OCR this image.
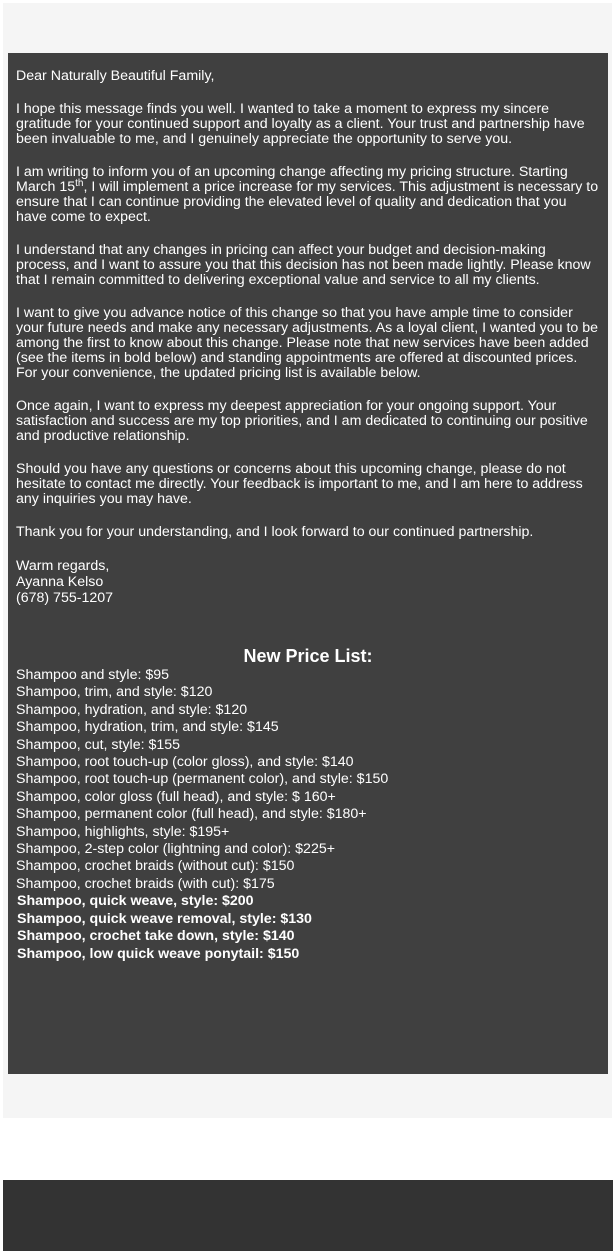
Dear Naturally Beautiful Family,

I hope this message finds you well. I wanted to take a moment to express my sincere gratitude for your continued support and loyalty as a client. Your trust and partnership have been invaluable to me, and I genuinely appreciate the opportunity to serve you.

I am writing to inform you of an upcoming change affecting my pricing structure. Starting March 15th, I will implement a price increase for my services. This adjustment is necessary to ensure that I can continue providing the elevated level of quality and dedication that you have come to expect.

I understand that any changes in pricing can affect your budget and decision-making process, and I want to assure you that this decision has not been made lightly. Please know that I remain committed to delivering exceptional value and service to all my clients.

I want to give you advance notice of this change so that you have ample time to consider your future needs and make any necessary adjustments. As a loyal client, I wanted you to be among the first to know about this change. Please note that new services have been added (see the items in bold below) and standing appointments are offered at discounted prices. For your convenience, the updated pricing list is available below.

Once again, I want to express my deepest appreciation for your ongoing support. Your satisfaction and success are my top priorities, and I am dedicated to continuing our positive and productive relationship.

Should you have any questions or concerns about this upcoming change, please do not hesitate to contact me directly. Your feedback is important to me, and I am here to address any inquiries you may have.

Thank you for your understanding, and I look forward to our continued partnership.

Warm regards,
Ayanna Kelso
(678) 755-1207
New Price List:
Shampoo and style: $95
Shampoo, trim, and style: $120
Shampoo, hydration, and style: $120
Shampoo, hydration, trim, and style: $145
Shampoo, cut, style: $155
Shampoo, root touch-up (color gloss), and style: $140
Shampoo, root touch-up (permanent color), and style: $150
Shampoo, color gloss (full head), and style: $ 160+
Shampoo, permanent color (full head), and style: $180+
Shampoo, highlights, style: $195+
Shampoo, 2-step color (lightning and color): $225+
Shampoo, crochet braids (without cut): $150
Shampoo, crochet braids (with cut): $175
Shampoo, quick weave, style: $200
Shampoo, quick weave removal, style: $130
Shampoo, crochet take down, style: $140
Shampoo, low quick weave ponytail: $150
